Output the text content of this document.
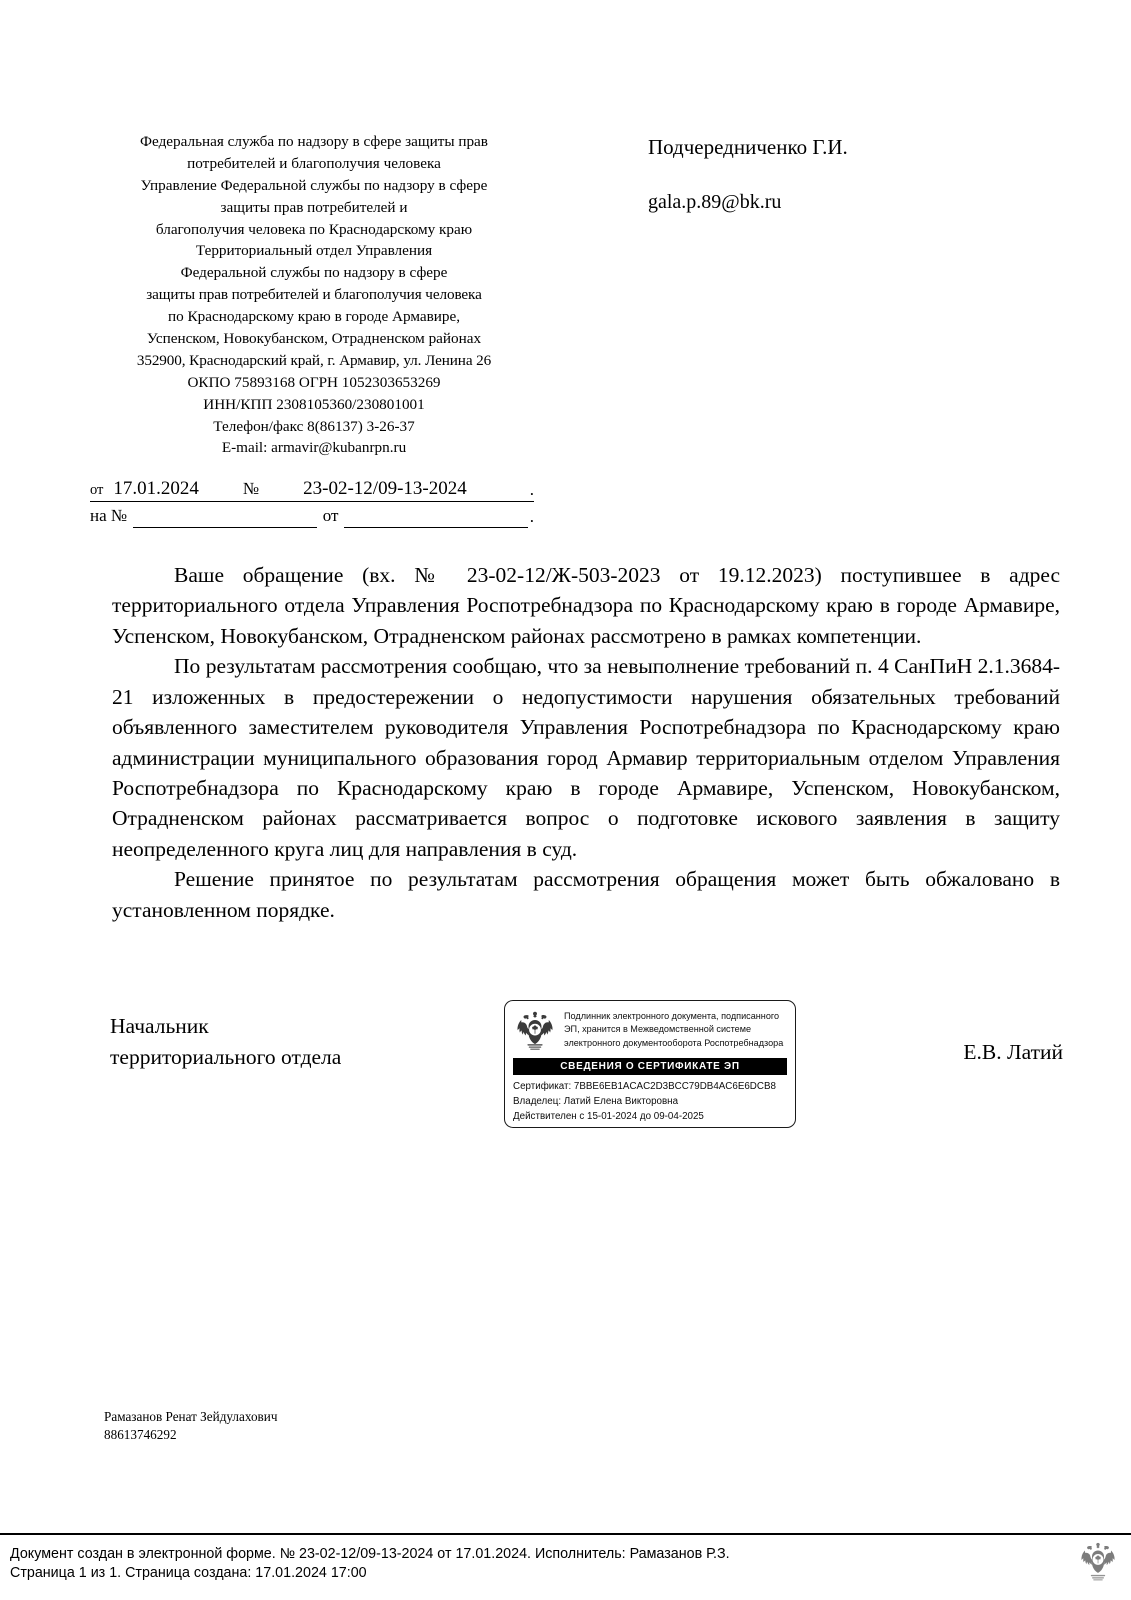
Федеральная служба по надзору в сфере защиты прав
потребителей и благополучия человека
Управление Федеральной службы по надзору в сфере
защиты прав потребителей и
благополучия человека по Краснодарскому краю
Территориальный отдел Управления
Федеральной службы по надзору в сфере
защиты прав потребителей и благополучия человека
по Краснодарскому краю в городе Армавире,
Успенском, Новокубанском, Отрадненском районах
352900, Краснодарский край, г. Армавир, ул. Ленина 26
ОКПО 75893168 ОГРН 1052303653269
ИНН/КПП 2308105360/230801001
Телефон/факс 8(86137) 3-26-37
E-mail: armavir@kubanrpn.ru
Подчередниченко Г.И.
gala.p.89@bk.ru
от 17.01.2024	№ 23-02-12/09-13-2024	.
на №	от	.

Ваше обращение (вх. № 23-02-12/Ж-503-2023 от 19.12.2023) поступившее в адрес территориального отдела Управления Роспотребнадзора по Краснодарскому краю в городе Армавире, Успенском, Новокубанском, Отрадненском районах рассмотрено в рамках компетенции.

По результатам рассмотрения сообщаю, что за невыполнение требований п. 4 СанПиН 2.1.3684-21 изложенных в предостережении о недопустимости нарушения обязательных требований объявленного заместителем руководителя Управления Роспотребнадзора по Краснодарскому краю администрации муниципального образования город Армавир территориальным отделом Управления Роспотребнадзора по Краснодарскому краю в городе Армавире, Успенском, Новокубанском, Отрадненском районах рассматривается вопрос о подготовке искового заявления в защиту неопределенного круга лиц для направления в суд.

Решение принятое по результатам рассмотрения обращения может быть обжаловано в установленном порядке.

Начальник
территориального отдела	Е.В. Латий
Подлинник электронного документа, подписанного ЭП, хранится в Межведомственной системе электронного документооборота Роспотребнадзора
СВЕДЕНИЯ О СЕРТИФИКАТЕ ЭП
Сертификат: 7BBE6EB1ACAC2D3BCC79DB4AC6E6DCB8
Владелец: Латий Елена Викторовна
Действителен с 15-01-2024 до 09-04-2025
Рамазанов Ренат Зейдулахович
88613746292
Документ создан в электронной форме. № 23-02-12/09-13-2024 от 17.01.2024. Исполнитель: Рамазанов Р.З.
Страница 1 из 1. Страница создана: 17.01.2024 17:00
